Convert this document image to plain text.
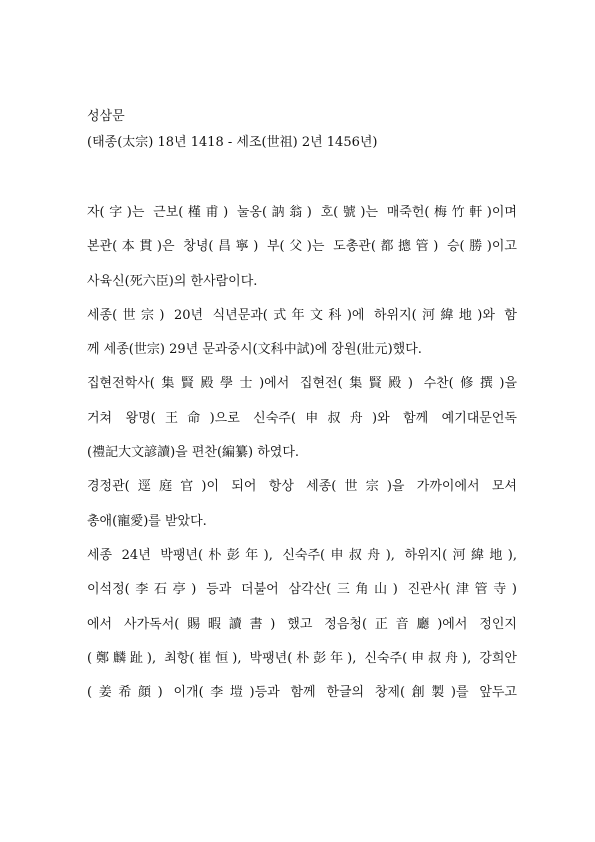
성삼문
(태종(太宗) 18년 1418 - 세조(世祖) 2년 1456년)
자(字)는 근보(槿甫) 눌옹(訥翁) 호(號)는 매죽헌(梅竹軒)이며
본관(本貫)은 창녕(昌寧) 부(父)는 도총관(都摠管) 승(勝)이고
사육신(死六臣)의 한사람이다.
세종(世宗) 20년 식년문과(式年文科)에 하위지(河緯地)와 함
께 세종(世宗) 29년 문과중시(文科中試)에 장원(壯元)했다.
집현전학사(集賢殿學士)에서 집현전(集賢殿) 수찬(修撰)을
거쳐 왕명(王命)으로 신숙주(申叔舟)와 함께 예기대문언독
(禮記大文諺讀)을 편찬(編纂) 하였다.
경정관(逕庭官)이 되어 항상 세종(世宗)을 가까이에서 모셔
총애(寵愛)를 받았다.
세종 24년 박팽년(朴彭年), 신숙주(申叔舟), 하위지(河緯地),
이석정(李石亭) 등과 더불어 삼각산(三角山) 진관사(津管寺)
에서 사가독서(賜暇讀書) 했고 정음청(正音廳)에서 정인지
(鄭麟趾), 최항(崔恒), 박팽년(朴彭年), 신숙주(申叔舟), 강희안
(姜希顔) 이개(李塏)등과 함께 한글의 창제(創製)를 앞두고
